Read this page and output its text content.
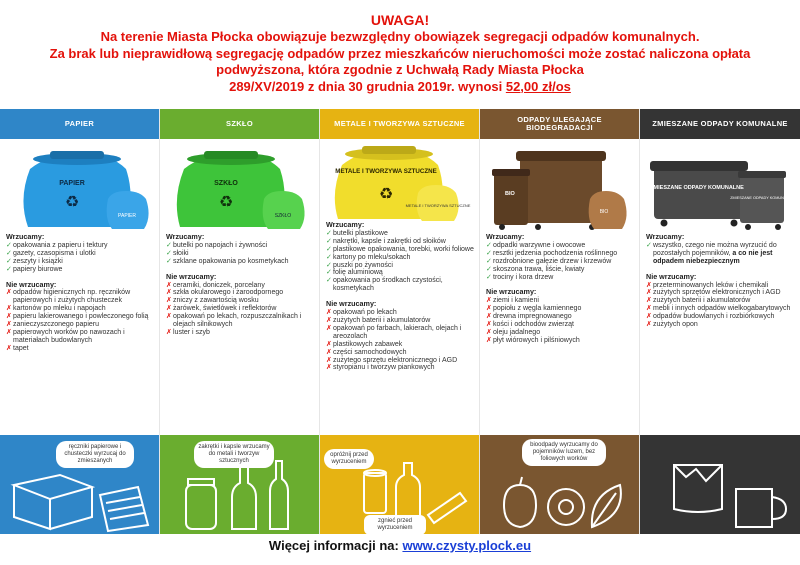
UWAGA!
Na terenie Miasta Płocka obowiązuje bezwzględny obowiązek segregacji odpadów komunalnych.
Za brak lub nieprawidłową segregację odpadów przez mieszkańców nieruchomości może zostać naliczona opłata
podwyższona, która zgodnie z Uchwałą Rady Miasta Płocka
289/XV/2019 z dnia 30 grudnia 2019r. wynosi 52,00 zł/os
PAPIER
PAPIER
PAPIER
♻
Wrzucamy:
✓ opakowania z papieru i tektury
✓ gazety, czasopisma i ulotki
✓ zeszyty i książki
✓ papiery biurowe
Nie wrzucamy:
✗ odpadów higienicznych np. ręczników papierowych i zużytych chusteczek
✗ kartonów po mleku i napojach
✗ papieru lakierowanego i powleczonego folią
✗ zanieczyszczonego papieru
✗ papierowych worków po nawozach i materiałach budowlanych
✗ tapet
ręczniki papierowe i chusteczki wyrzucaj do zmieszanych
SZKŁO
SZKŁO
SZKŁO
♻
Wrzucamy:
✓ butelki po napojach i żywności
✓ słoiki
✓ szklane opakowania po kosmetykach
Nie wrzucamy:
✗ ceramiki, doniczek, porcelany
✗ szkła okularowego i żaroodpornego
✗ zniczy z zawartością wosku
✗ żarówek, świetlówek i reflektorów
✗ opakowań po lekach, rozpuszczalnikach i olejach silnikowych
✗ luster i szyb
zakrętki i kapsle wrzucamy do metali i tworzyw sztucznych
METALE I TWORZYWA SZTUCZNE
METALE I TWORZYWA SZTUCZNE
METALE I TWORZYWA SZTUCZNE
♻
Wrzucamy:
✓ butelki plastikowe
✓ nakrętki, kapsle i zakrętki od słoików
✓ plastikowe opakowania, torebki, worki foliowe
✓ kartony po mleku/sokach
✓ puszki po żywności
✓ folię aluminiową
✓ opakowania po środkach czystości, kosmetykach
Nie wrzucamy:
✗ opakowań po lekach
✗ zużytych baterii i akumulatorów
✗ opakowań po farbach, lakierach, olejach i areozolach
✗ plastikowych zabawek
✗ części samochodowych
✗ zużytego sprzętu elektronicznego i AGD
✗ styropianu i tworzyw piankowych
opróżnij przed wyrzuceniem
zgnieć przed wyrzuceniem
ODPADY ULEGAJĄCE BIODEGRADACJI
BIO
BIO
Wrzucamy:
✓ odpadki warzywne i owocowe
✓ resztki jedzenia pochodzenia roślinnego
✓ rozdrobnione gałęzie drzew i krzewów
✓ skoszona trawa, liście, kwiaty
✓ trociny i kora drzew
Nie wrzucamy:
✗ ziemi i kamieni
✗ popiołu z węgla kamiennego
✗ drewna impregnowanego
✗ kości i odchodów zwierząt
✗ oleju jadalnego
✗ płyt wiórowych i pilśniowych
bioodpady wyrzucamy do pojemników luzem, bez foliowych worków
ZMIESZANE ODPADY KOMUNALNE
ZMIESZANE ODPADY KOMUNALNE
ZMIESZANE ODPADY KOMUNALNE
Wrzucamy:
✓ wszystko, czego nie można wyrzucić do pozostałych pojemników, a co nie jest odpadem niebezpiecznym
Nie wrzucamy:
✗ przeterminowanych leków i chemikali
✗ zużytych sprzętów elektronicznych i AGD
✗ zużytych baterii i akumulatorów
✗ mebli i innych odpadów wielkogabarytowych
✗ odpadów budowlanych i rozbiórkowych
✗ zużytych opon
Więcej informacji na: www.czysty.plock.eu
